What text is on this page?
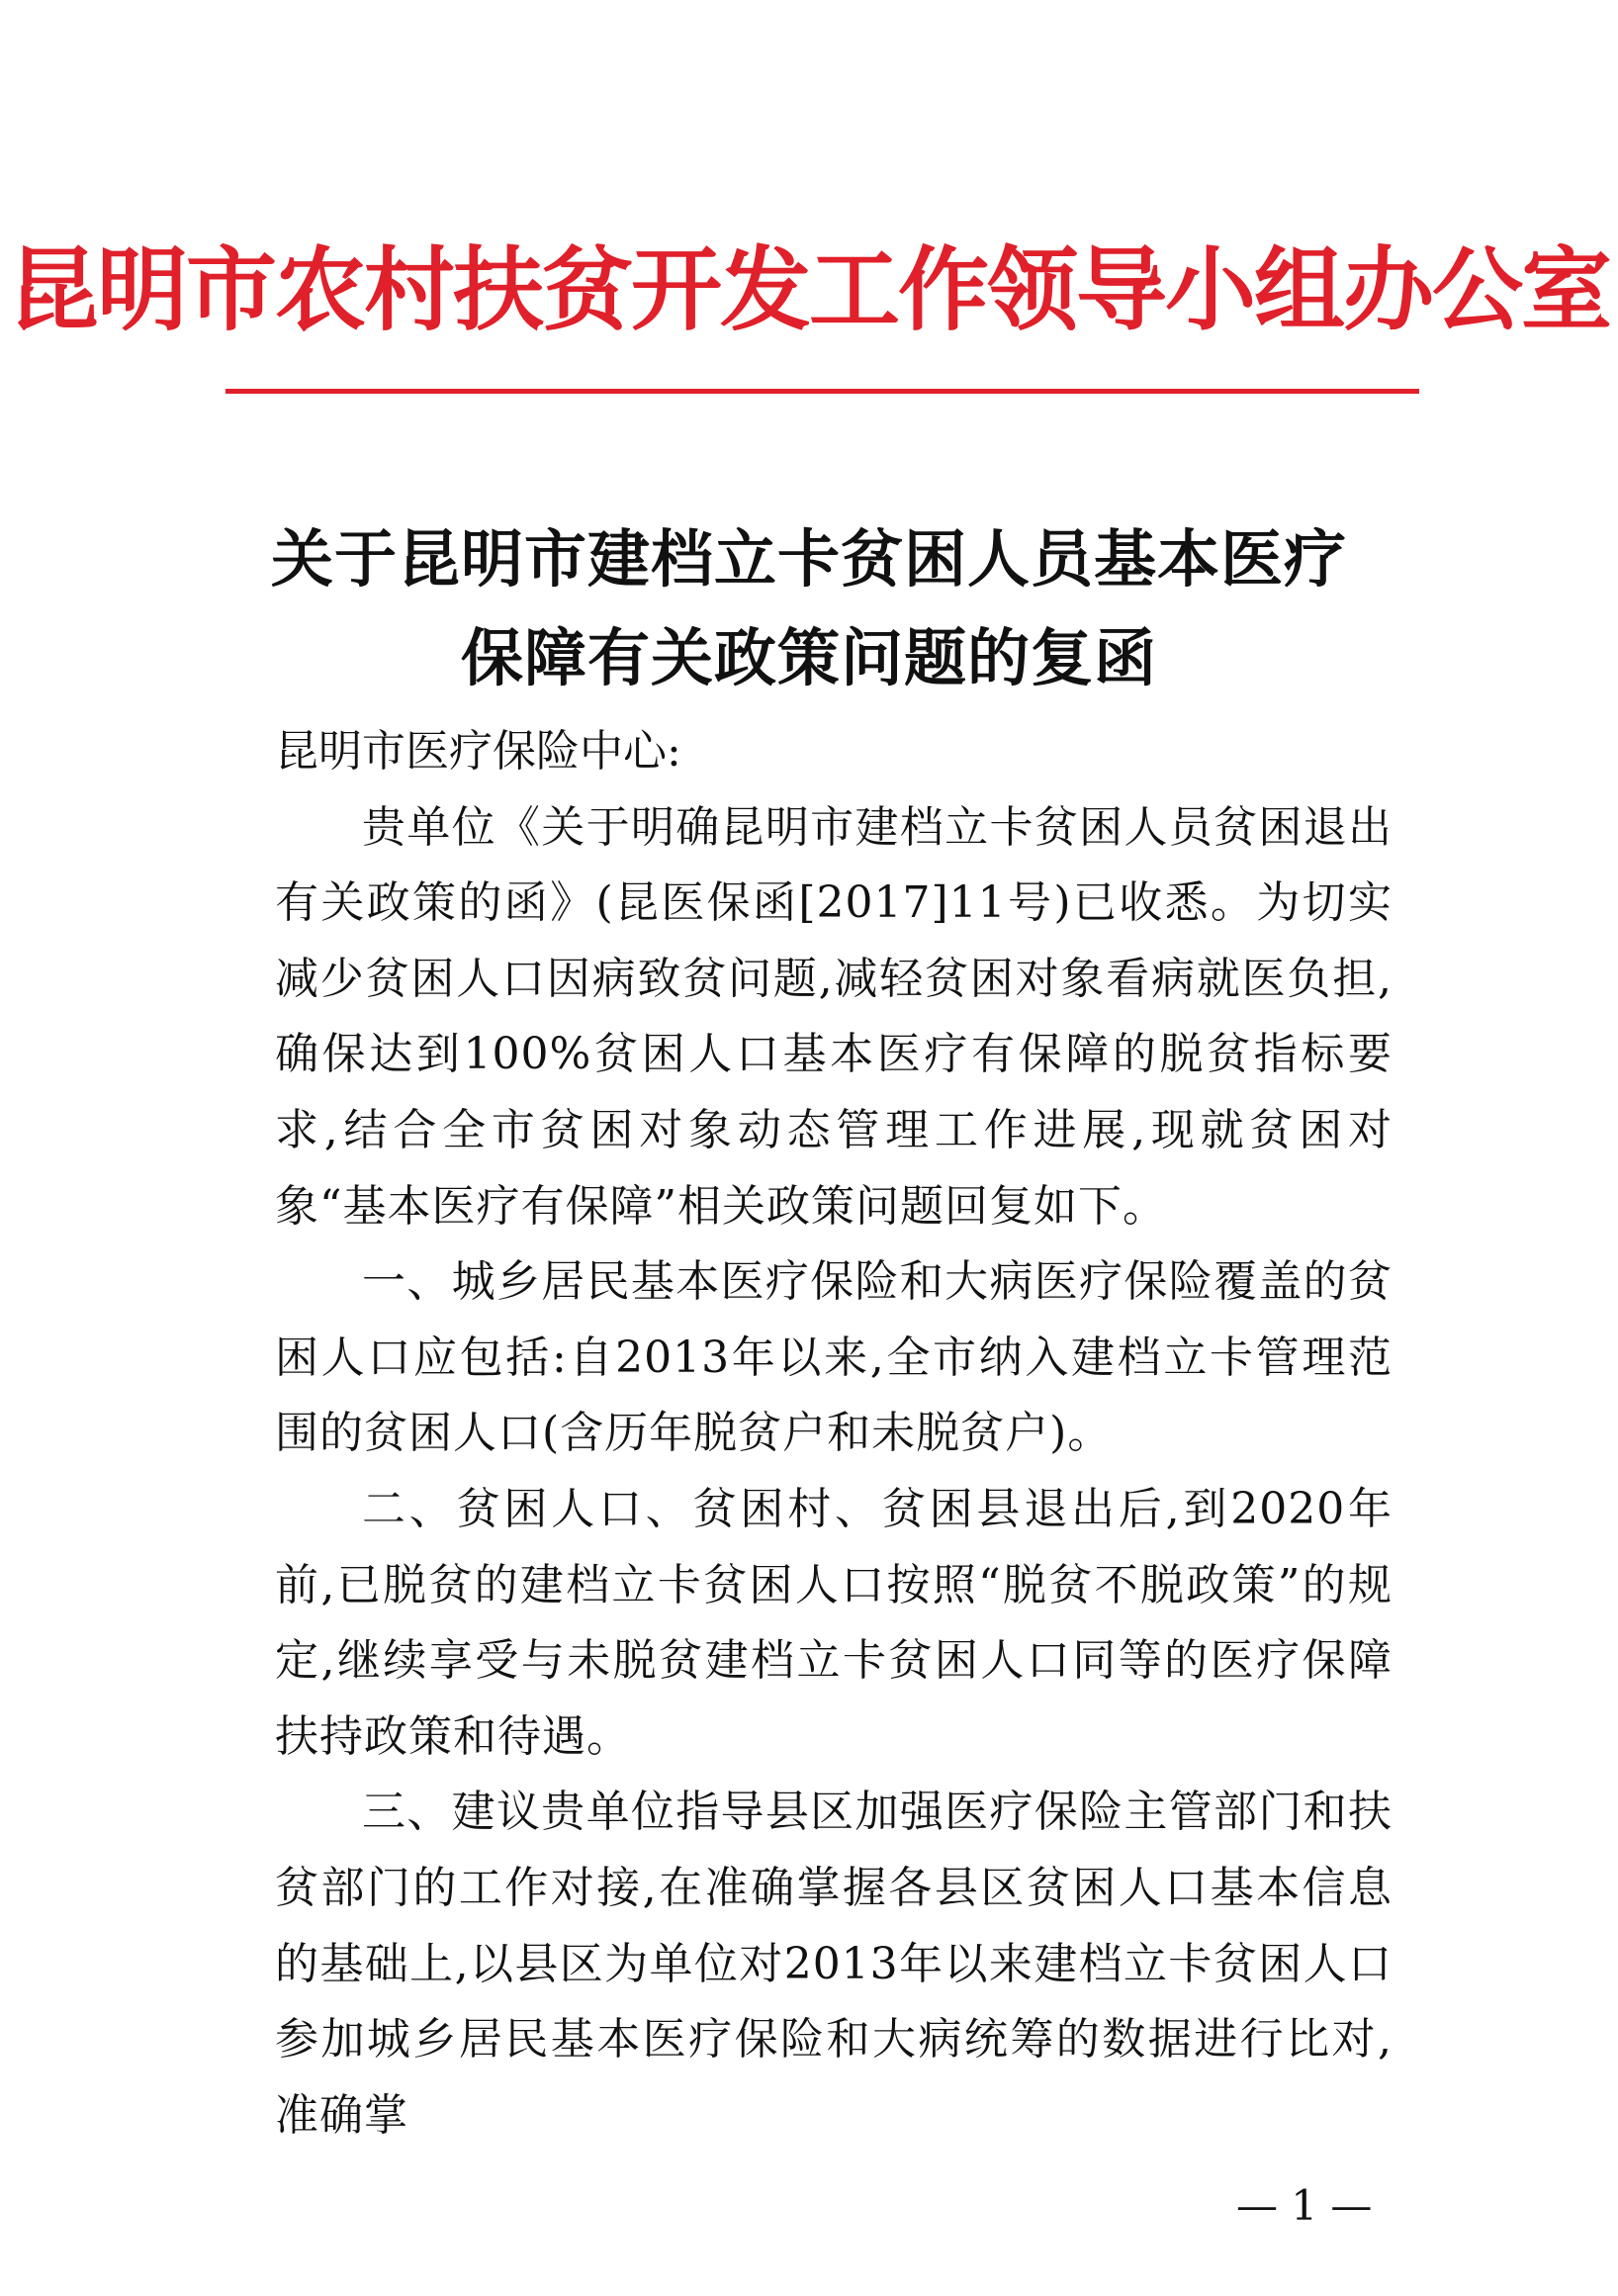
昆明市农村扶贫开发工作领导小组办公室
关于昆明市建档立卡贫困人员基本医疗
保障有关政策问题的复函
昆明市医疗保险中心:

贵单位《关于明确昆明市建档立卡贫困人员贫困退出有关政策的函》(昆医保函[2017]11号)已收悉。为切实减少贫困人口因病致贫问题,减轻贫困对象看病就医负担,确保达到100%贫困人口基本医疗有保障的脱贫指标要求,结合全市贫困对象动态管理工作进展,现就贫困对象“基本医疗有保障”相关政策问题回复如下。

一、城乡居民基本医疗保险和大病医疗保险覆盖的贫困人口应包括:自2013年以来,全市纳入建档立卡管理范围的贫困人口(含历年脱贫户和未脱贫户)。

二、贫困人口、贫困村、贫困县退出后,到2020年前,已脱贫的建档立卡贫困人口按照“脱贫不脱政策”的规定,继续享受与未脱贫建档立卡贫困人口同等的医疗保障扶持政策和待遇。

三、建议贵单位指导县区加强医疗保险主管部门和扶贫部门的工作对接,在准确掌握各县区贫困人口基本信息的基础上,以县区为单位对2013年以来建档立卡贫困人口参加城乡居民基本医疗保险和大病统筹的数据进行比对,准确掌

— 1 —
